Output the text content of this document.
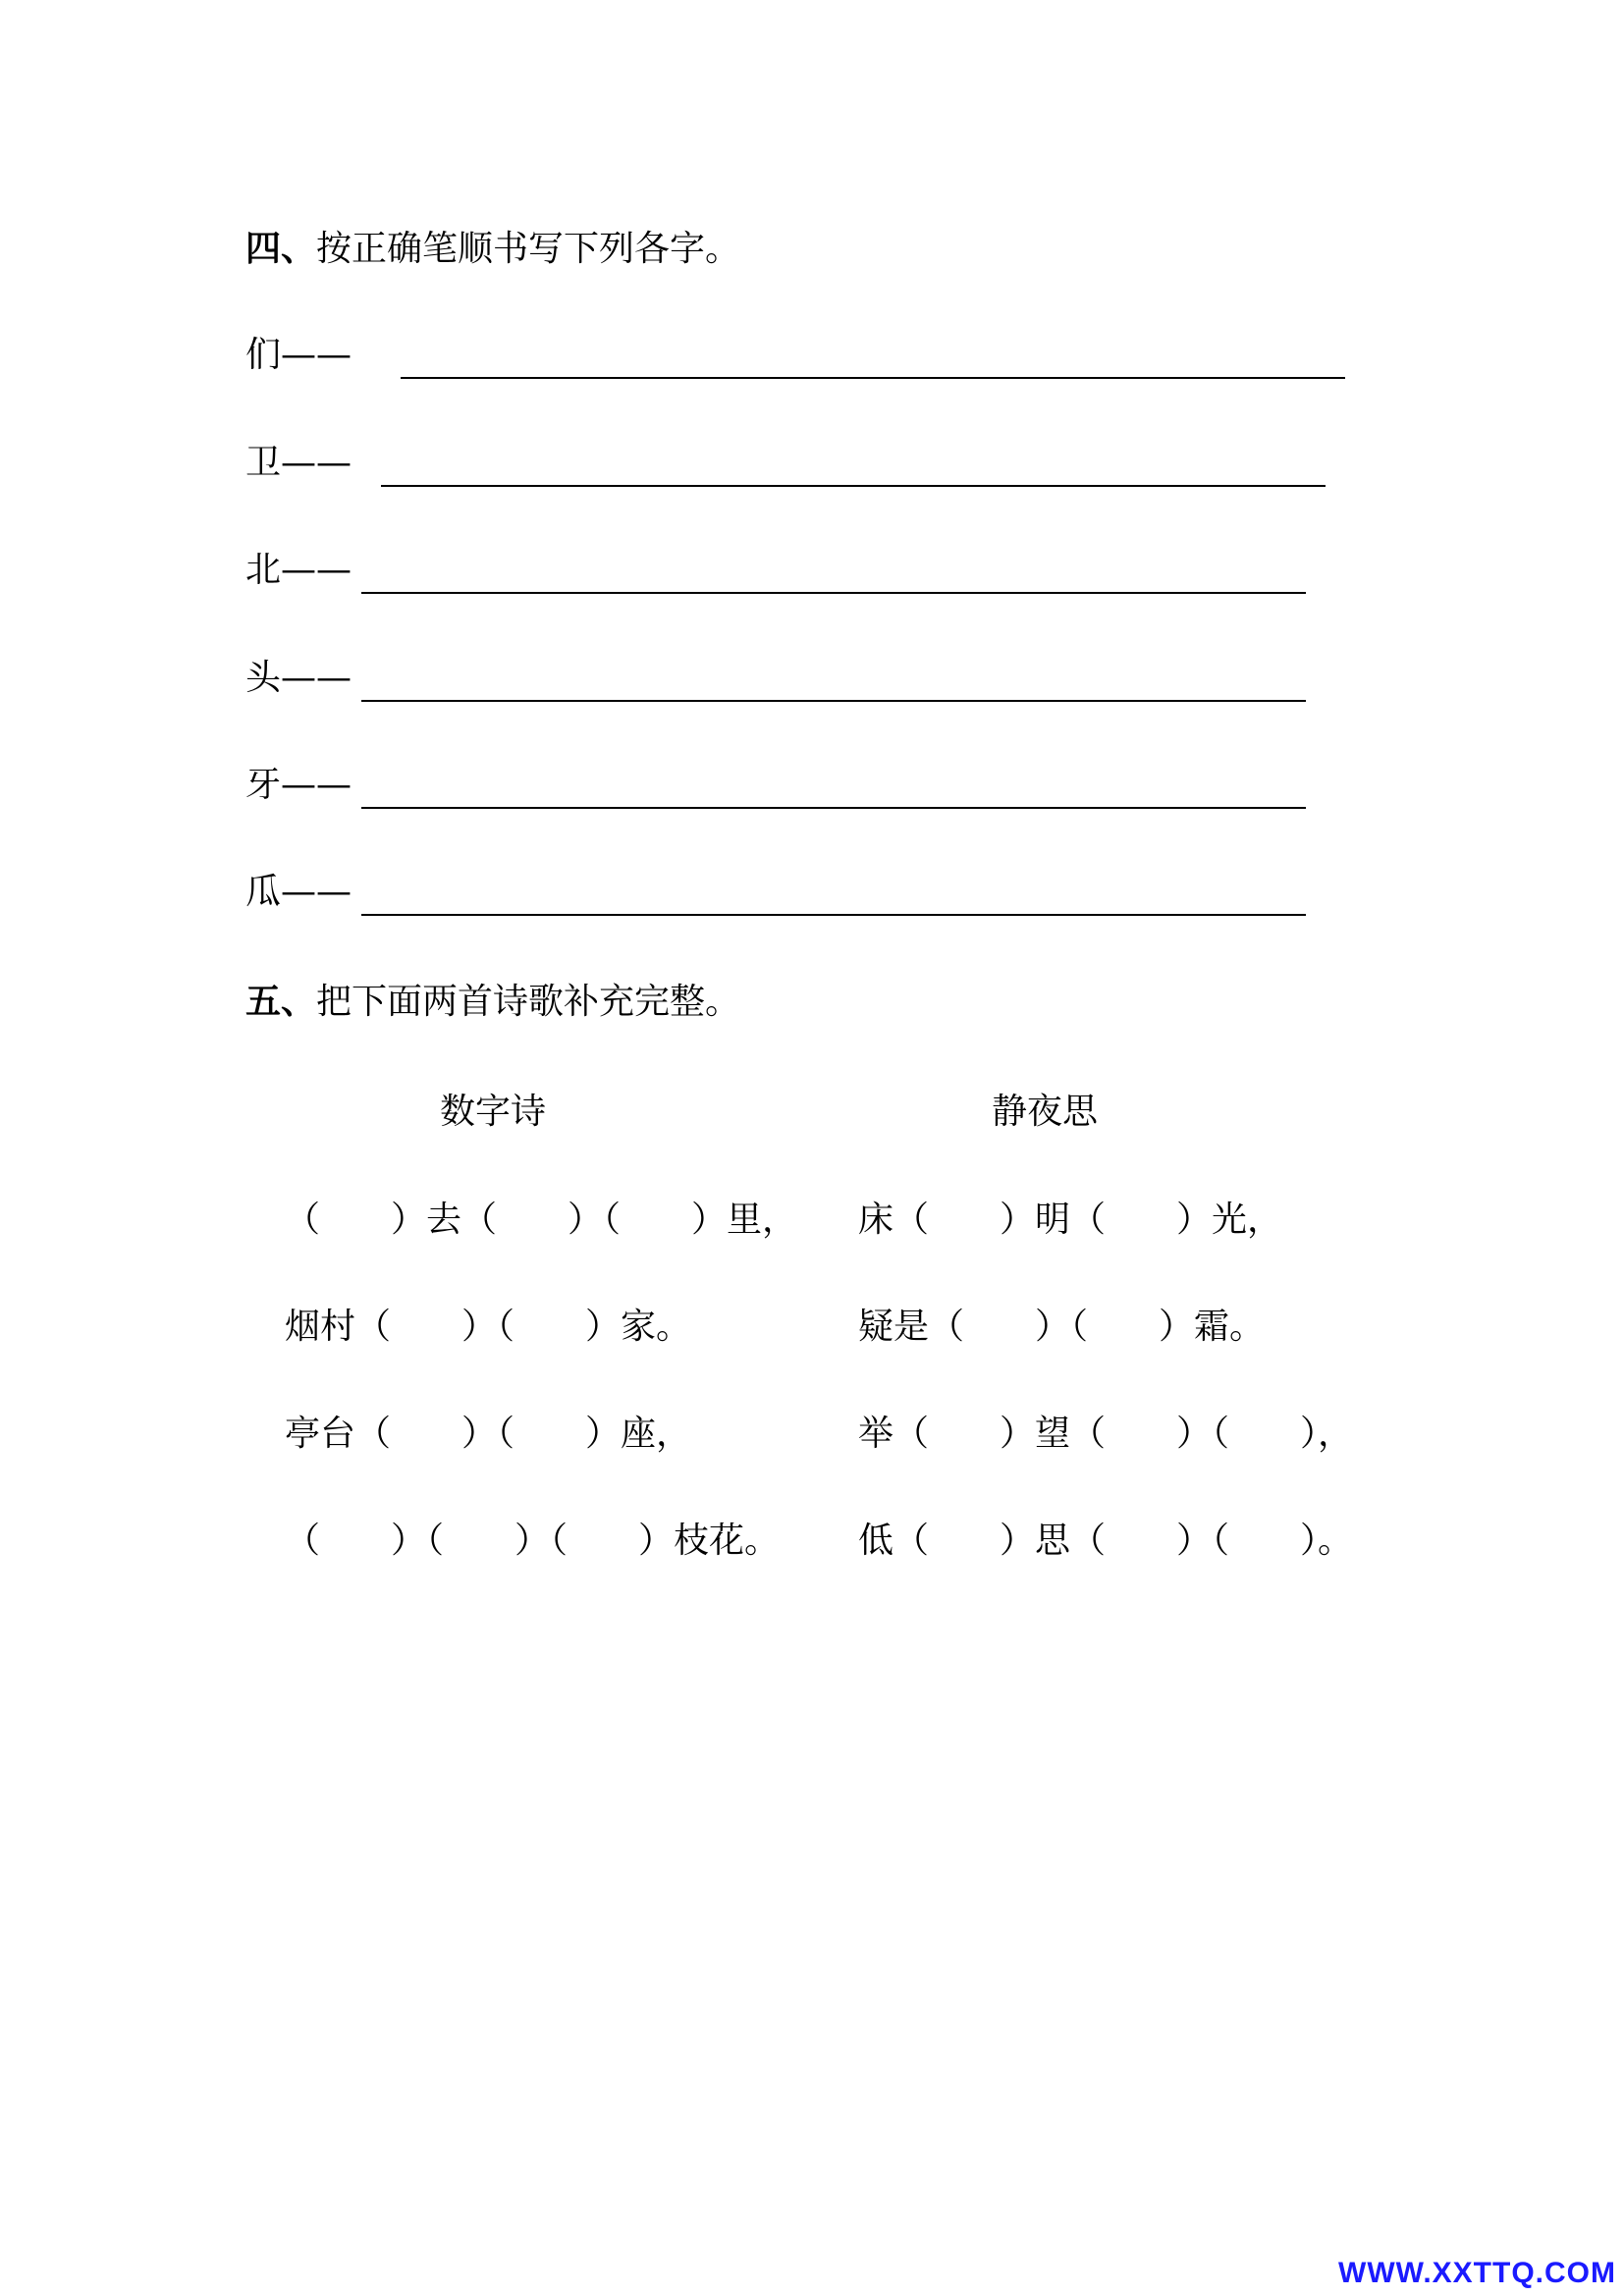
四、按正确笔顺书写下列各字。
们——
卫——
北——
头——
牙——
瓜——
五、把下面两首诗歌补充完整。
数字诗
（　　）去（　　）（　　）里，
烟村（　　）（　　）家。
亭台（　　）（　　）座，
（　　）（　　）（　　）枝花。
静夜思
床（　　）明（　　）光，
疑是（　　）（　　）霜。
举（　　）望（　　）（　　），
低（　　）思（　　）（　　）。
WWW.XXTTQ.COM
